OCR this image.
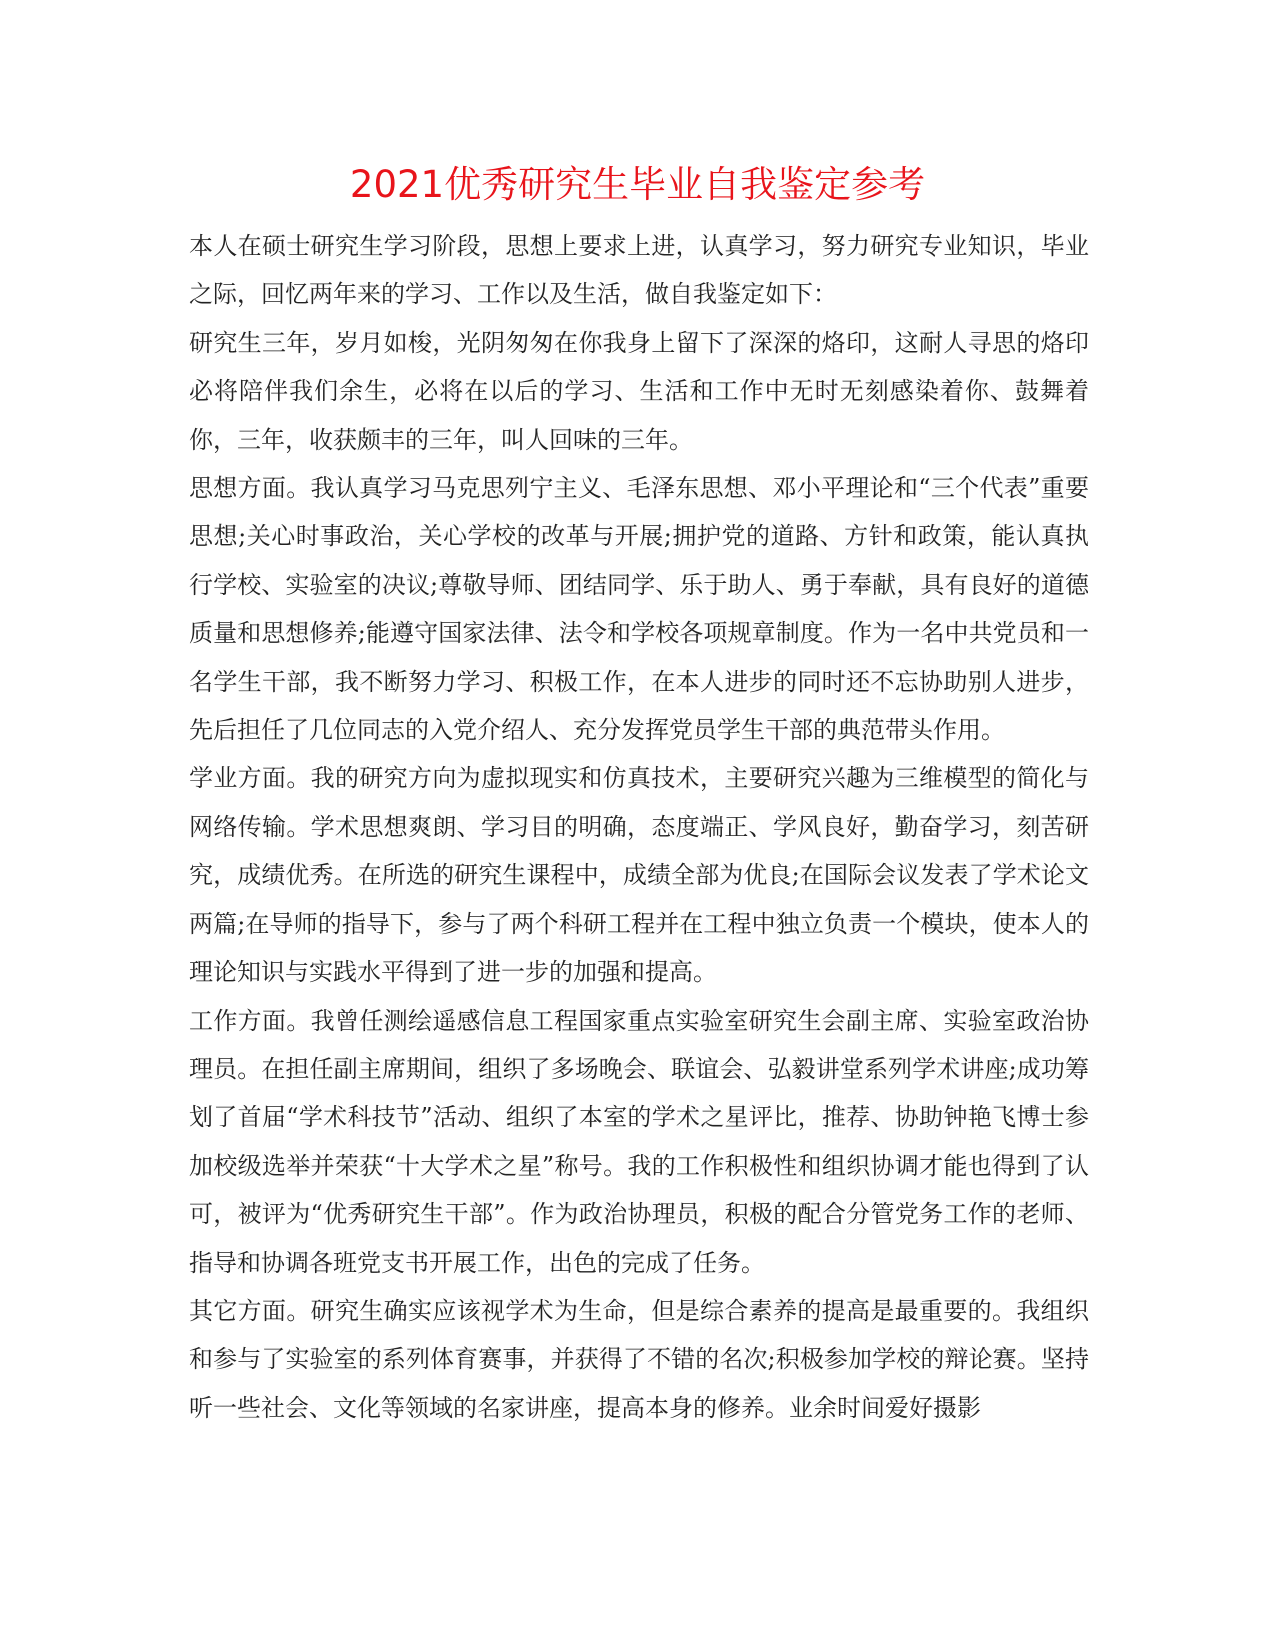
2021优秀研究生毕业自我鉴定参考

本人在硕士研究生学习阶段，思想上要求上进，认真学习，努力研究专业知识，毕业之际，回忆两年来的学习、工作以及生活，做自我鉴定如下：

研究生三年，岁月如梭，光阴匆匆在你我身上留下了深深的烙印，这耐人寻思的烙印必将陪伴我们余生，必将在以后的学习、生活和工作中无时无刻感染着你、鼓舞着你，三年，收获颇丰的三年，叫人回味的三年。

思想方面。我认真学习马克思列宁主义、毛泽东思想、邓小平理论和“三个代表”重要思想;关心时事政治，关心学校的改革与开展;拥护党的道路、方针和政策，能认真执行学校、实验室的决议;尊敬导师、团结同学、乐于助人、勇于奉献，具有良好的道德质量和思想修养;能遵守国家法律、法令和学校各项规章制度。作为一名中共党员和一名学生干部，我不断努力学习、积极工作，在本人进步的同时还不忘协助别人进步，先后担任了几位同志的入党介绍人、充分发挥党员学生干部的典范带头作用。

学业方面。我的研究方向为虚拟现实和仿真技术，主要研究兴趣为三维模型的简化与网络传输。学术思想爽朗、学习目的明确，态度端正、学风良好，勤奋学习，刻苦研究，成绩优秀。在所选的研究生课程中，成绩全部为优良;在国际会议发表了学术论文两篇;在导师的指导下，参与了两个科研工程并在工程中独立负责一个模块，使本人的理论知识与实践水平得到了进一步的加强和提高。

工作方面。我曾任测绘遥感信息工程国家重点实验室研究生会副主席、实验室政治协理员。在担任副主席期间，组织了多场晚会、联谊会、弘毅讲堂系列学术讲座;成功筹划了首届“学术科技节”活动、组织了本室的学术之星评比，推荐、协助钟艳飞博士参加校级选举并荣获“十大学术之星”称号。我的工作积极性和组织协调才能也得到了认可，被评为“优秀研究生干部”。作为政治协理员，积极的配合分管党务工作的老师、指导和协调各班党支书开展工作，出色的完成了任务。

其它方面。研究生确实应该视学术为生命，但是综合素养的提高是最重要的。我组织和参与了实验室的系列体育赛事，并获得了不错的名次;积极参加学校的辩论赛。坚持听一些社会、文化等领域的名家讲座，提高本身的修养。业余时间爱好摄影
